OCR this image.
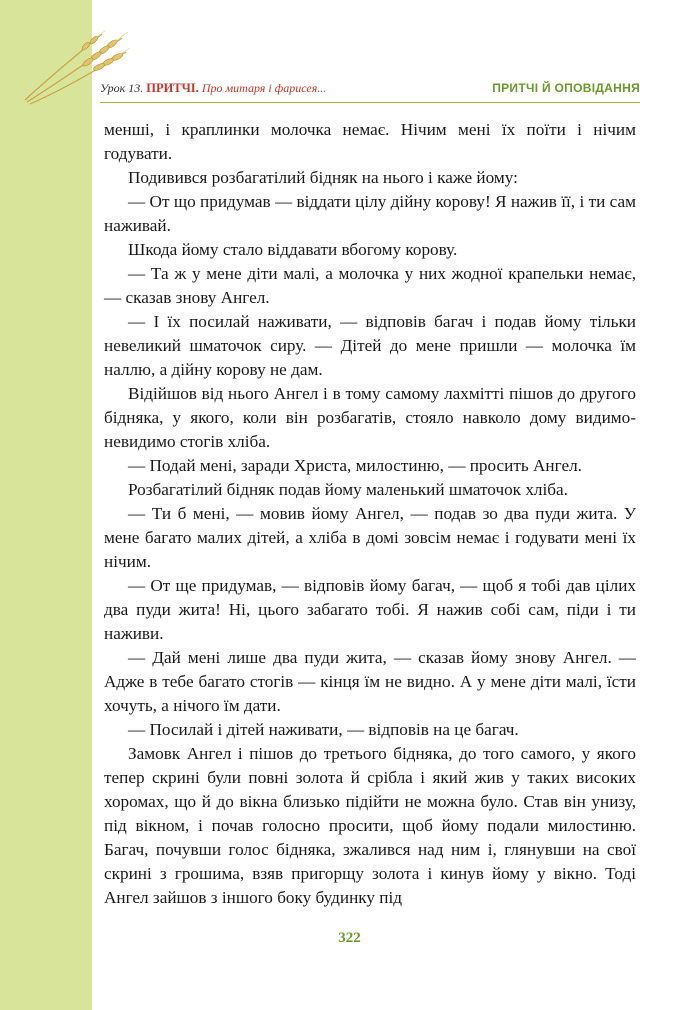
Урок 13. ПРИТЧІ. Про митаря і фарисея...	ПРИТЧІ Й ОПОВІДАННЯ

менші, і краплинки молочка немає. Нічим мені їх поїти і нічим годувати.

Подивився розбагатілий бідняк на нього і каже йому:

— От що придумав — віддати цілу дійну корову! Я нажив її, і ти сам наживай.

Шкода йому стало віддавати вбогому корову.

— Та ж у мене діти малі, а молочка у них жодної крапельки немає, — сказав знову Ангел.

— І їх посилай наживати, — відповів багач і подав йому тільки невеликий шматочок сиру. — Дітей до мене пришли — молочка їм наллю, а дійну корову не дам.

Відійшов від нього Ангел і в тому самому лахмітті пішов до другого бідняка, у якого, коли він розбагатів, стояло навколо дому видимо-невидимо стогів хліба.

— Подай мені, заради Христа, милостиню, — просить Ангел.

Розбагатілий бідняк подав йому маленький шматочок хліба.

— Ти б мені, — мовив йому Ангел, — подав зо два пуди жита. У мене багато малих дітей, а хліба в домі зовсім немає і годувати мені їх нічим.

— От ще придумав, — відповів йому багач, — щоб я тобі дав цілих два пуди жита! Ні, цього забагато тобі. Я нажив собі сам, піди і ти наживи.

— Дай мені лише два пуди жита, — сказав йому знову Ангел. — Адже в тебе багато стогів — кінця їм не видно. А у мене діти малі, їсти хочуть, а нічого їм дати.

— Посилай і дітей наживати, — відповів на це багач.

Замовк Ангел і пішов до третього бідняка, до того самого, у якого тепер скрині були повні золота й срібла і який жив у таких високих хоромах, що й до вікна близько підійти не можна було. Став він унизу, під вікном, і почав голосно просити, щоб йому подали милостиню. Багач, почувши голос бідняка, зжалився над ним і, глянувши на свої скрині з грошима, взяв пригорщу золота і кинув йому у вікно. Тоді Ангел зайшов з іншого боку будинку під

322
